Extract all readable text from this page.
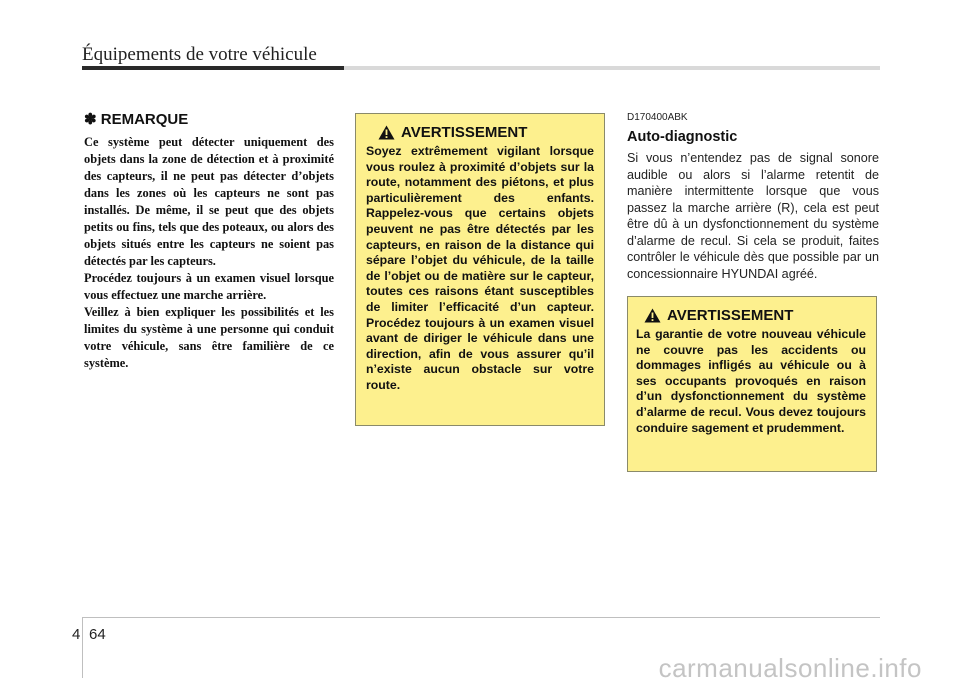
Équipements de votre véhicule
✽ REMARQUE

Ce système peut détecter uniquement des objets dans la zone de détection et à proximité des capteurs, il ne peut pas détecter d’objets dans les zones où les capteurs ne sont pas installés. De même, il se peut que des objets petits ou fins, tels que des poteaux, ou alors des objets situés entre les capteurs ne soient pas détectés par les capteurs.

Procédez toujours à un examen visuel lorsque vous effectuez une marche arrière.

Veillez à bien expliquer les possibilités et les limites du système à une personne qui conduit votre véhicule, sans être familière de ce système.

AVERTISSEMENT
Soyez extrêmement vigilant lorsque vous roulez à proximité d’objets sur la route, notamment des piétons, et plus particulièrement des enfants. Rappelez-vous que certains objets peuvent ne pas être détectés par les capteurs, en raison de la distance qui sépare l’objet du véhicule, de la taille de l’objet ou de matière sur le capteur, toutes ces raisons étant susceptibles de limiter l’efficacité d’un capteur. Procédez toujours à un examen visuel avant de diriger le véhicule dans une direction, afin de vous assurer qu’il n’existe aucun obstacle sur votre route.
D170400ABK
Auto-diagnostic

Si vous n’entendez pas de signal sonore audible ou alors si l’alarme retentit de manière intermittente lorsque que vous passez la marche arrière (R), cela est peut être dû à un dysfonctionnement du système d’alarme de recul. Si cela se produit, faites contrôler le véhicule dès que possible par un concessionnaire HYUNDAI agréé.

AVERTISSEMENT
La garantie de votre nouveau véhicule ne couvre pas les accidents ou dommages infligés au véhicule ou à ses occupants provoqués en raison d’un dysfonctionnement du système d’alarme de recul. Vous devez toujours conduire sagement et prudemment.
4 64
carmanualsonline.info
